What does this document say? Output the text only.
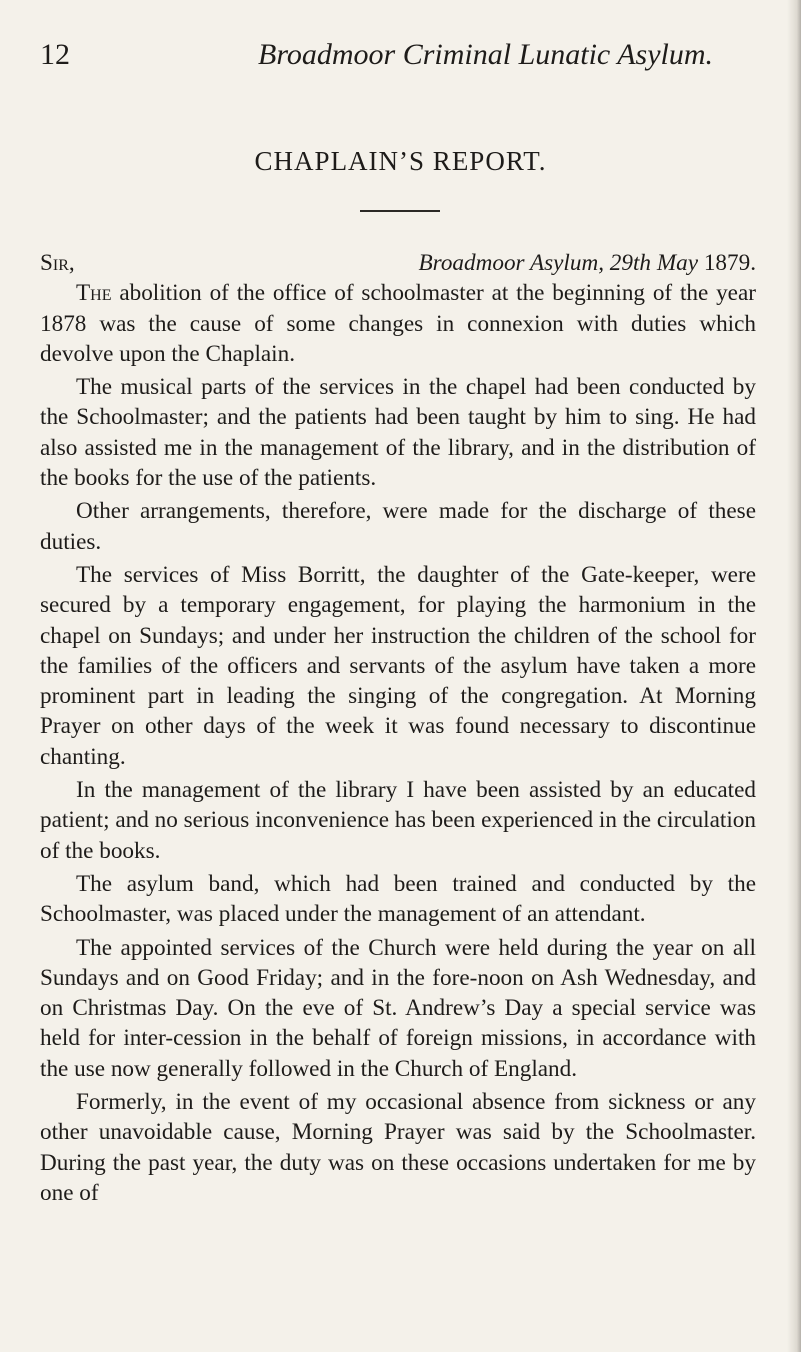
12	Broadmoor Criminal Lunatic Asylum.
CHAPLAIN’S REPORT.

Sir,	Broadmoor Asylum, 29th May 1879.

The abolition of the office of schoolmaster at the beginning of the year 1878 was the cause of some changes in connexion with duties which devolve upon the Chaplain.

The musical parts of the services in the chapel had been conducted by the Schoolmaster; and the patients had been taught by him to sing. He had also assisted me in the management of the library, and in the distribution of the books for the use of the patients.

Other arrangements, therefore, were made for the discharge of these duties.

The services of Miss Borritt, the daughter of the Gate-keeper, were secured by a temporary engagement, for playing the harmonium in the chapel on Sundays; and under her instruction the children of the school for the families of the officers and servants of the asylum have taken a more prominent part in leading the singing of the congregation. At Morning Prayer on other days of the week it was found necessary to discontinue chanting.

In the management of the library I have been assisted by an educated patient; and no serious inconvenience has been experienced in the circulation of the books.

The asylum band, which had been trained and conducted by the Schoolmaster, was placed under the management of an attendant.

The appointed services of the Church were held during the year on all Sundays and on Good Friday; and in the fore-noon on Ash Wednesday, and on Christmas Day. On the eve of St. Andrew’s Day a special service was held for inter-cession in the behalf of foreign missions, in accordance with the use now generally followed in the Church of England.

Formerly, in the event of my occasional absence from sickness or any other unavoidable cause, Morning Prayer was said by the Schoolmaster. During the past year, the duty was on these occasions undertaken for me by one of
